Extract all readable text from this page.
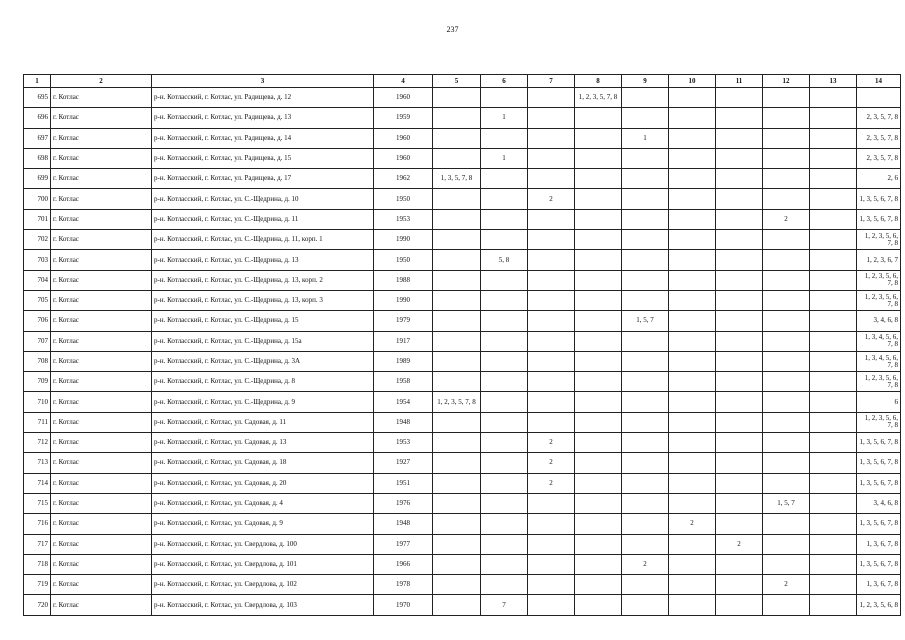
237
1	2	3	4	5	6	7	8	9	10	11	12	13	14
695	г. Котлас	р-н. Котласский, г. Котлас, ул. Радищева, д. 12	1960				1, 2, 3, 5, 7, 8						
696	г. Котлас	р-н. Котласский, г. Котлас, ул. Радищева, д. 13	1959		1								2, 3, 5, 7, 8
697	г. Котлас	р-н. Котласский, г. Котлас, ул. Радищева, д. 14	1960					1					2, 3, 5, 7, 8
698	г. Котлас	р-н. Котласский, г. Котлас, ул. Радищева, д. 15	1960		1								2, 3, 5, 7, 8
699	г. Котлас	р-н. Котласский, г. Котлас, ул. Радищева, д. 17	1962	1, 3, 5, 7, 8									2, 6
700	г. Котлас	р-н. Котласский, г. Котлас, ул. С.-Щедрина, д. 10	1950			2							1, 3, 5, 6, 7, 8
701	г. Котлас	р-н. Котласский, г. Котлас, ул. С.-Щедрина, д. 11	1953								2		1, 3, 5, 6, 7, 8
702	г. Котлас	р-н. Котласский, г. Котлас, ул. С.-Щедрина, д. 11, корп. 1	1990										1, 2, 3, 5, 6, 7, 8
703	г. Котлас	р-н. Котласский, г. Котлас, ул. С.-Щедрина, д. 13	1950		5, 8								1, 2, 3, 6, 7
704	г. Котлас	р-н. Котласский, г. Котлас, ул. С.-Щедрина, д. 13, корп. 2	1988										1, 2, 3, 5, 6, 7, 8
705	г. Котлас	р-н. Котласский, г. Котлас, ул. С.-Щедрина, д. 13, корп. 3	1990										1, 2, 3, 5, 6, 7, 8
706	г. Котлас	р-н. Котласский, г. Котлас, ул. С.-Щедрина, д. 15	1979					1, 5, 7					3, 4, 6, 8
707	г. Котлас	р-н. Котласский, г. Котлас, ул. С.-Щедрина, д. 15а	1917										1, 3, 4, 5, 6, 7, 8
708	г. Котлас	р-н. Котласский, г. Котлас, ул. С.-Щедрина, д. 3А	1989										1, 3, 4, 5, 6, 7, 8
709	г. Котлас	р-н. Котласский, г. Котлас, ул. С.-Щедрина, д. 8	1958										1, 2, 3, 5, 6, 7, 8
710	г. Котлас	р-н. Котласский, г. Котлас, ул. С.-Щедрина, д. 9	1954	1, 2, 3, 5, 7, 8									6
711	г. Котлас	р-н. Котласский, г. Котлас, ул. Садовая, д. 11	1948										1, 2, 3, 5, 6, 7, 8
712	г. Котлас	р-н. Котласский, г. Котлас, ул. Садовая, д. 13	1953			2							1, 3, 5, 6, 7, 8
713	г. Котлас	р-н. Котласский, г. Котлас, ул. Садовая, д. 18	1927			2							1, 3, 5, 6, 7, 8
714	г. Котлас	р-н. Котласский, г. Котлас, ул. Садовая, д. 20	1951			2							1, 3, 5, 6, 7, 8
715	г. Котлас	р-н. Котласский, г. Котлас, ул. Садовая, д. 4	1976								1, 5, 7		3, 4, 6, 8
716	г. Котлас	р-н. Котласский, г. Котлас, ул. Садовая, д. 9	1948						2				1, 3, 5, 6, 7, 8
717	г. Котлас	р-н. Котласский, г. Котлас, ул. Свердлова, д. 100	1977							2			1, 3, 6, 7, 8
718	г. Котлас	р-н. Котласский, г. Котлас, ул. Свердлова, д. 101	1966					2					1, 3, 5, 6, 7, 8
719	г. Котлас	р-н. Котласский, г. Котлас, ул. Свердлова, д. 102	1978								2		1, 3, 6, 7, 8
720	г. Котлас	р-н. Котласский, г. Котлас, ул. Свердлова, д. 103	1970		7								1, 2, 3, 5, 6, 8
